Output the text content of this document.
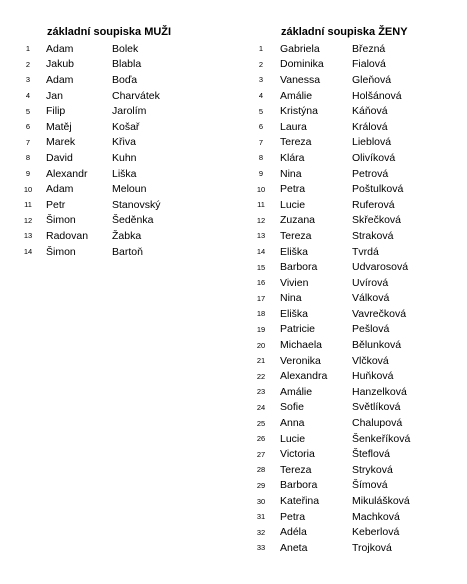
základní soupiska MUŽI
1	Adam	Bolek
2	Jakub	Blabla
3	Adam	Boďa
4	Jan	Charvátek
5	Filip	Jarolím
6	Matěj	Košař
7	Marek	Křiva
8	David	Kuhn
9	Alexandr	Liška
10	Adam	Meloun
11	Petr	Stanovský
12	Šimon	Šeděnka
13	Radovan	Žabka
14	Šimon	Bartoň
základní soupiska ŽENY
1	Gabriela	Březná
2	Dominika	Fialová
3	Vanessa	Gleňová
4	Amálie	Holšánová
5	Kristýna	Káňová
6	Laura	Králová
7	Tereza	Lieblová
8	Klára	Olivíková
9	Nina	Petrová
10	Petra	Poštulková
11	Lucie	Ruferová
12	Zuzana	Skřečková
13	Tereza	Straková
14	Eliška	Tvrdá
15	Barbora	Udvarosová
16	Vivien	Uvírová
17	Nina	Válková
18	Eliška	Vavrečková
19	Patricie	Pešlová
20	Michaela	Bělunková
21	Veronika	Vlčková
22	Alexandra	Huňková
23	Amálie	Hanzelková
24	Sofie	Světlíková
25	Anna	Chalupová
26	Lucie	Šenkeříková
27	Victoria	Šteflová
28	Tereza	Stryková
29	Barbora	Šímová
30	Kateřina	Mikulášková
31	Petra	Machková
32	Adéla	Keberlová
33	Aneta	Trojková
